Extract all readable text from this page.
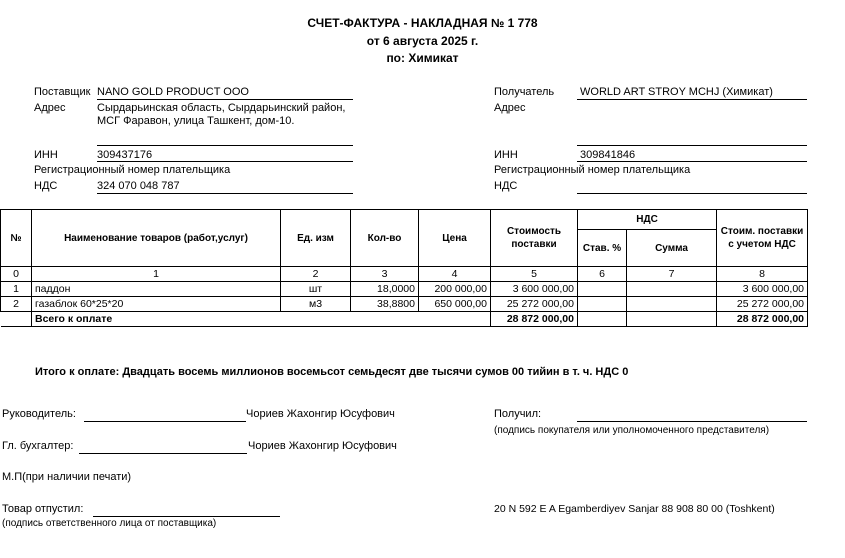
СЧЕТ-ФАКТУРА - НАКЛАДНАЯ № 1 778
от 6 августа 2025 г.
по: Химикат
Поставщик NANO GOLD PRODUCT OOO
Адрес	Сырдарьинская область, Сырдарьинский район, МСГ Фаравон, улица Ташкент, дом-10.
ИНН	309437176
Регистрационный номер плательщика
НДС	324 070 048 787
Получатель WORLD ART STROY MCHJ (Химикат)
Адрес
ИНН	309841846
Регистрационный номер плательщика
НДС
№	Наименование товаров (работ,услуг)	Ед. изм	Кол-во	Цена	Стоимость поставки	НДС		Стоим. поставки с учетом НДС
						Став. %	Сумма	
0	1	2	3	4	5	6	7	8
1	паддон	шт	18,0000	200 000,00	3 600 000,00			3 600 000,00
2	газаблок 60*25*20	м3	38,8800	650 000,00	25 272 000,00			25 272 000,00
	Всего к оплате				28 872 000,00			28 872 000,00
Итого к оплате: Двадцать восемь миллионов восемьсот семьдесят две тысячи сумов 00 тийин в т. ч. НДС 0
Руководитель:	Чориев Жахонгир Юсуфович
Гл. бухгалтер:	Чориев Жахонгир Юсуфович
М.П(при наличии печати)
Товар отпустил:
(подпись ответственного лица от поставщика)
Получил:
(подпись покупателя или уполномоченного представителя)
20 N 592 E A Egamberdiyev Sanjar 88 908 80 00 (Toshkent)
